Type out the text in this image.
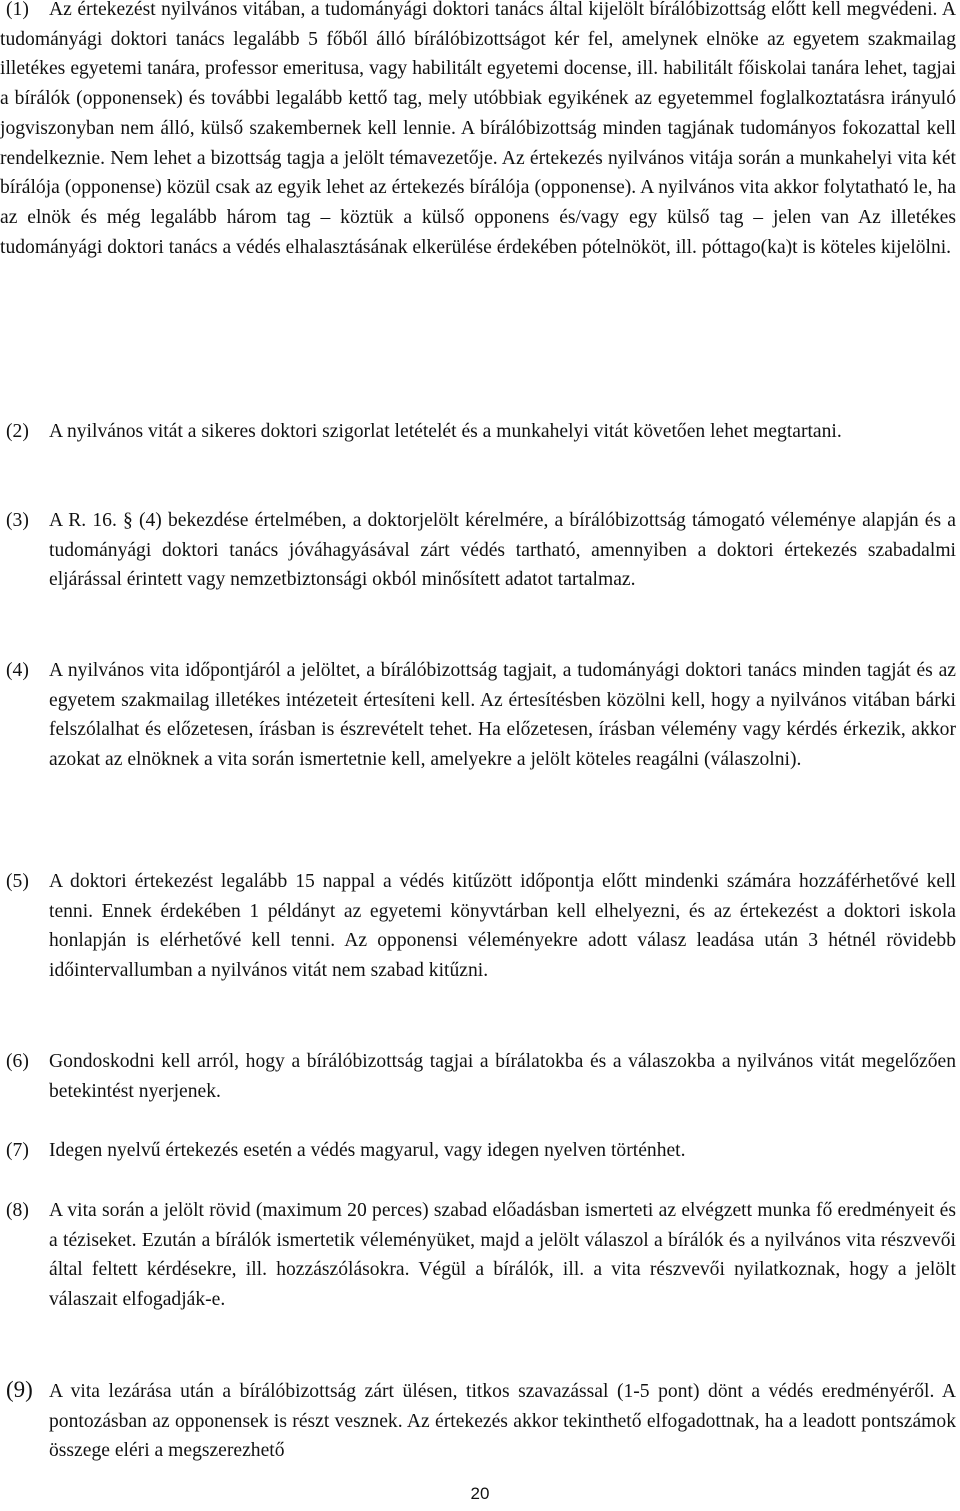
(1)	Az értekezést nyilvános vitában, a tudományági doktori tanács által kijelölt bírálóbizottság előtt kell megvédeni. A tudományági doktori tanács legalább 5 főből álló bírálóbizottságot kér fel, amelynek elnöke az egyetem szakmailag illetékes egyetemi tanára, professor emeritusa, vagy habilitált egyetemi docense, ill. habilitált főiskolai tanára lehet, tagjai a bírálók (opponensek) és további legalább kettő tag, mely utóbbiak egyikének az egyetemmel foglalkoztatásra irányuló jogviszonyban nem álló, külső szakembernek kell lennie. A bírálóbizottság minden tagjának tudományos fokozattal kell rendelkeznie. Nem lehet a bizottság tagja a jelölt témavezetője. Az értekezés nyilvános vitája során a munkahelyi vita két bírálója (opponense) közül csak az egyik lehet az értekezés bírálója (opponense). A nyilvános vita akkor folytatható le, ha az elnök és még legalább három tag – köztük a külső opponens és/vagy egy külső tag – jelen van Az illetékes tudományági doktori tanács a védés elhalasztásának elkerülése érdekében pótelnököt, ill. póttago(ka)t is köteles kijelölni.
(2) A nyilvános vitát a sikeres doktori szigorlat letételét és a munkahelyi vitát követően lehet megtartani.
(3) A R. 16. § (4) bekezdése értelmében, a doktorjelölt kérelmére, a bírálóbizottság támogató véleménye alapján és a tudományági doktori tanács jóváhagyásával zárt védés tartható, amennyiben a doktori értekezés szabadalmi eljárással érintett vagy nemzetbiztonsági okból minősített adatot tartalmaz.
(4) A nyilvános vita időpontjáról a jelöltet, a bírálóbizottság tagjait, a tudományági doktori tanács minden tagját és az egyetem szakmailag illetékes intézeteit értesíteni kell. Az értesítésben közölni kell, hogy a nyilvános vitában bárki felszólalhat és előzetesen, írásban is észrevételt tehet. Ha előzetesen, írásban vélemény vagy kérdés érkezik, akkor azokat az elnöknek a vita során ismertetnie kell, amelyekre a jelölt köteles reagálni (válaszolni).
(5) A doktori értekezést legalább 15 nappal a védés kitűzött időpontja előtt mindenki számára hozzáférhetővé kell tenni. Ennek érdekében 1 példányt az egyetemi könyvtárban kell elhelyezni, és az értekezést a doktori iskola honlapján is elérhetővé kell tenni. Az opponensi véleményekre adott válasz leadása után 3 hétnél rövidebb időintervallumban a nyilvános vitát nem szabad kitűzni.
(6) Gondoskodni kell arról, hogy a bírálóbizottság tagjai a bírálatokba és a válaszokba a nyilvános vitát megelőzően betekintést nyerjenek.
(7) Idegen nyelvű értekezés esetén a védés magyarul, vagy idegen nyelven történhet.
(8) A vita során a jelölt rövid (maximum 20 perces) szabad előadásban ismerteti az elvégzett munka fő eredményeit és a téziseket. Ezután a bírálók ismertetik véleményüket, majd a jelölt válaszol a bírálók és a nyilvános vita részvevői által feltett kérdésekre, ill. hozzászólásokra. Végül a bírálók, ill. a vita részvevői nyilatkoznak, hogy a jelölt válaszait elfogadják-e.
(9) A vita lezárása után a bírálóbizottság zárt ülésen, titkos szavazással (1-5 pont) dönt a védés eredményéről. A pontozásban az opponensek is részt vesznek. Az értekezés akkor tekinthető elfogadottnak, ha a leadott pontszámok összege eléri a megszerezhető
20
